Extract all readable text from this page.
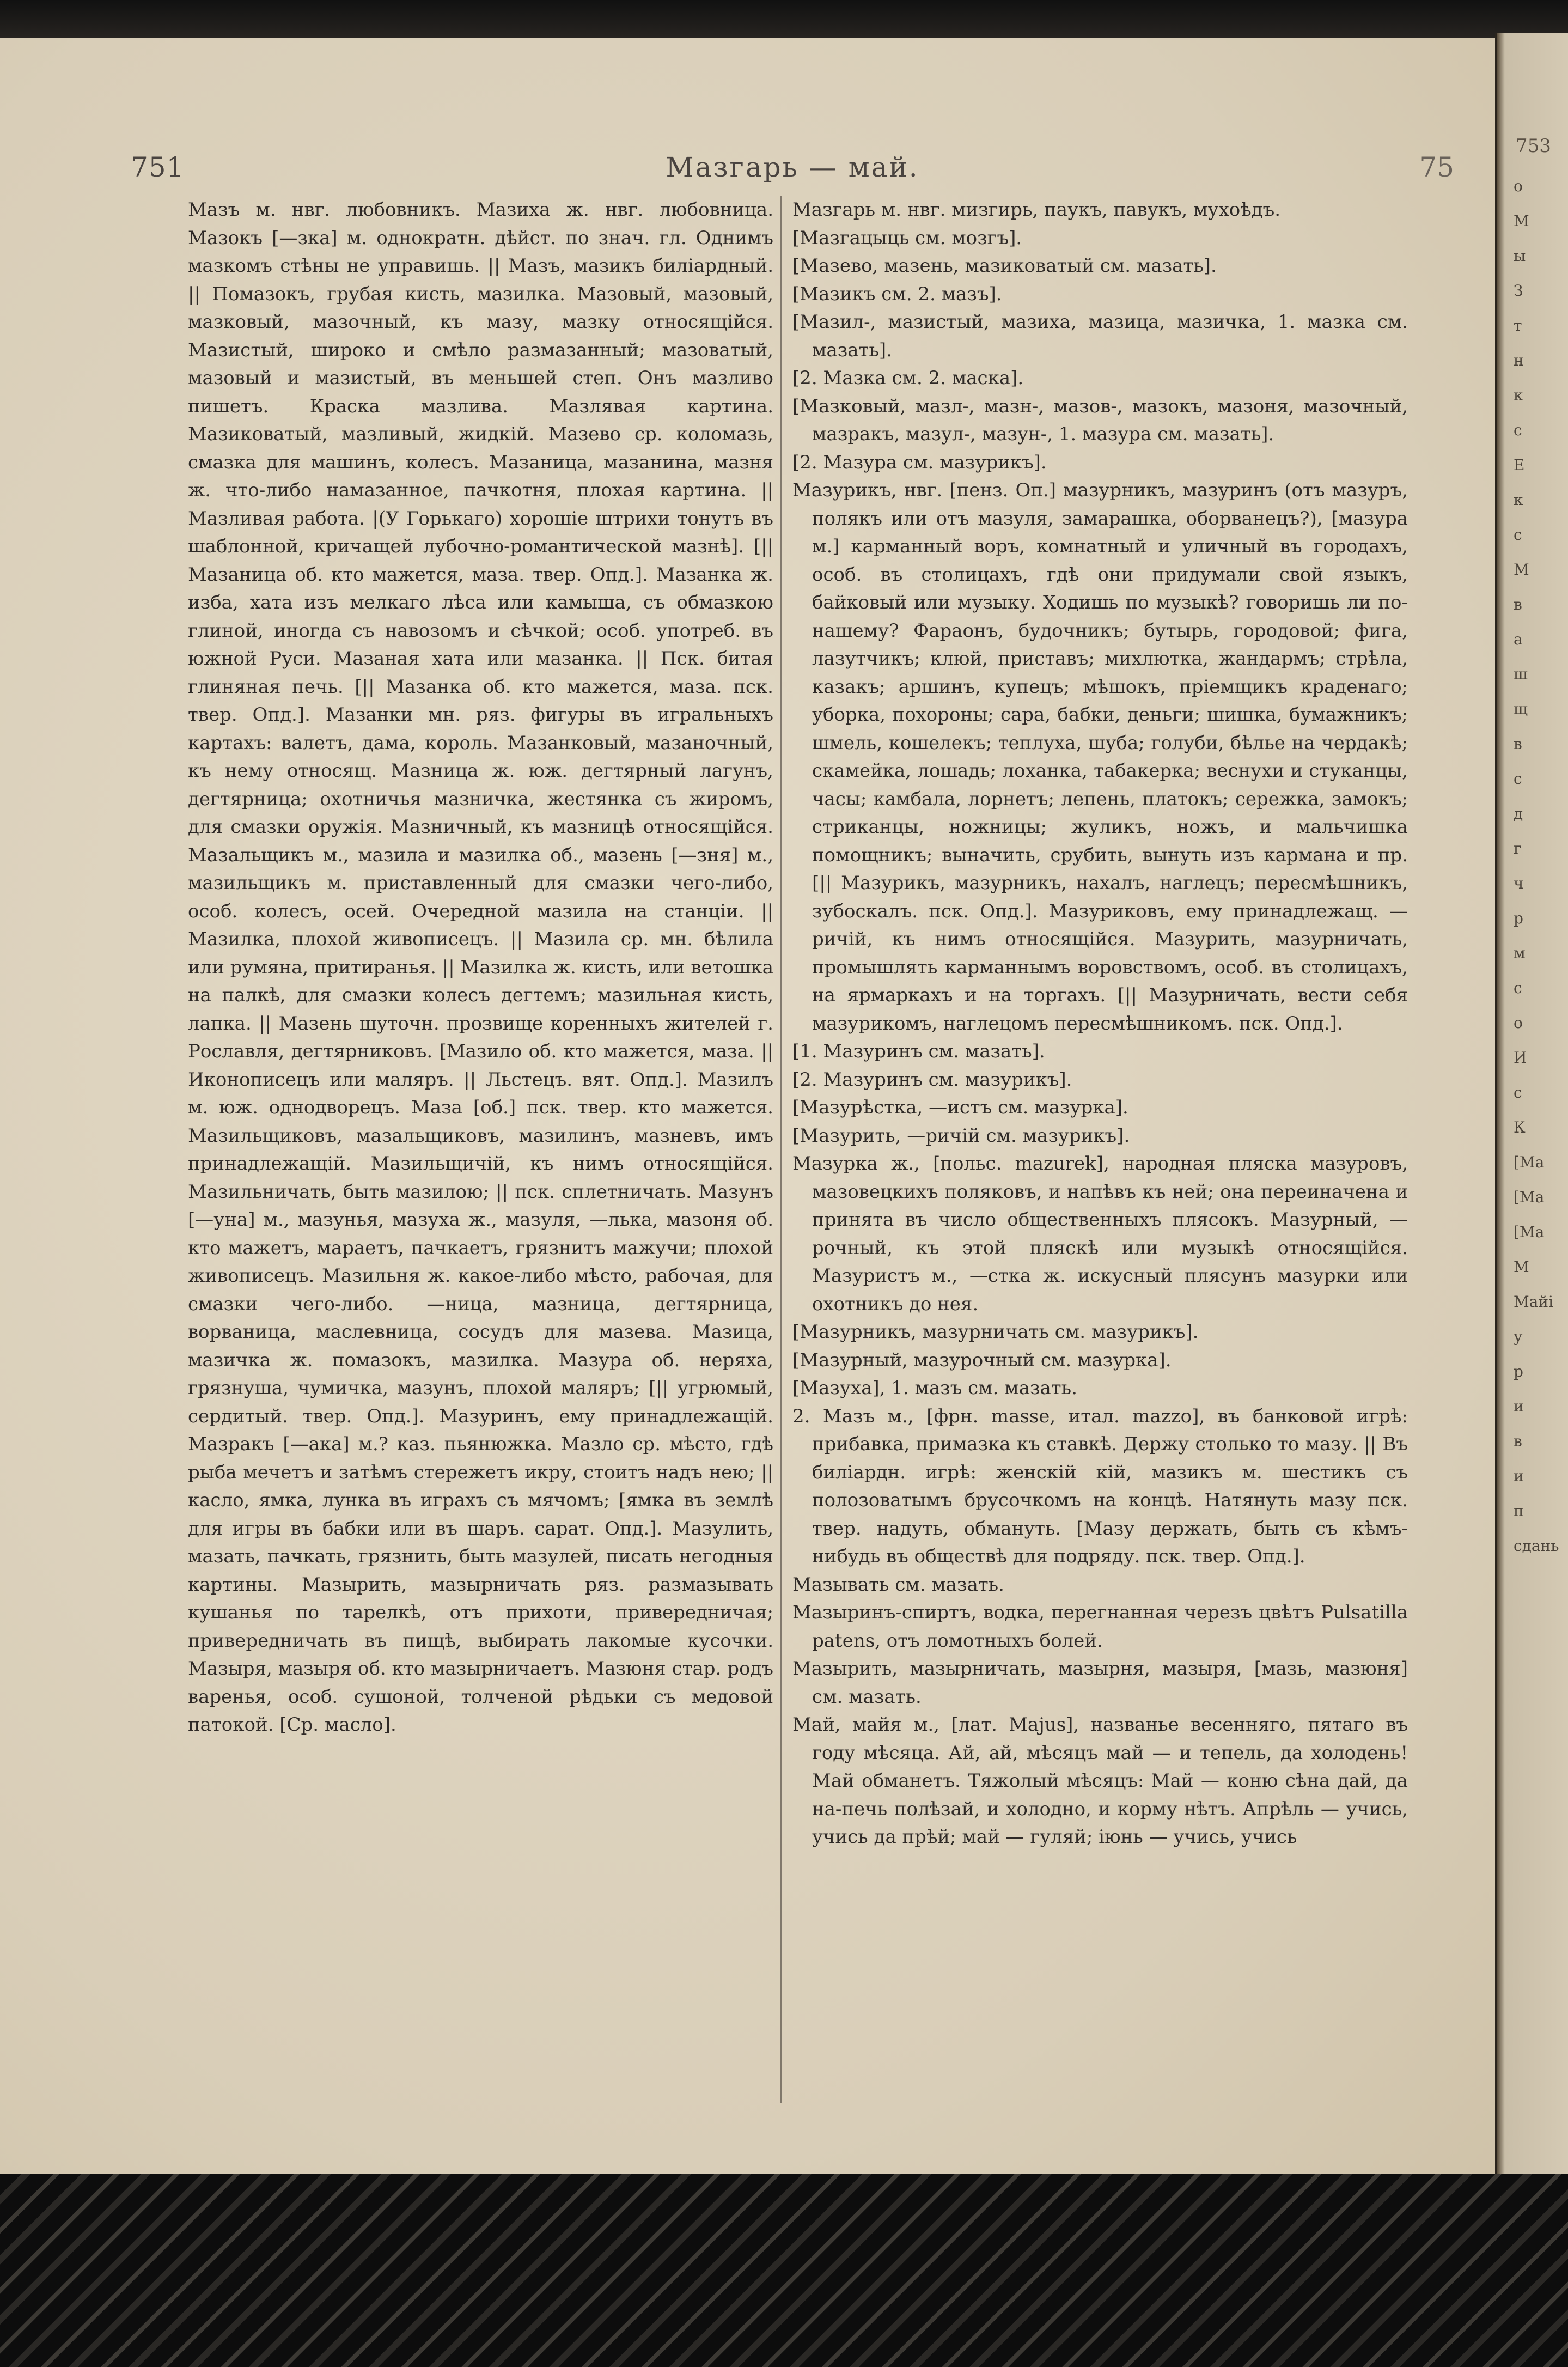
753
о
М
ы
З
т
н
к
с
Е
к
с
М
в
а
ш
щ
в
с
д
г
ч
р
м
с
о
И
с
К
[Ма
[Ма
[Ма
М
Майі
у
р
и
в
и
п
сдань
751	Мазгарь — май.	75
Мазъ м. нвг. любовникъ. Мазиха ж. нвг. любовница. Мазокъ [—зка] м. однократн. дѣйст. по знач. гл. Однимъ мазкомъ стѣны не управишь. || Мазъ, мазикъ билiардный. || Помазокъ, грубая кисть, мазилка. Мазовый, мазовый, мазковый, мазочный, къ мазу, мазку относящiйся. Мазистый, широко и смѣло размазанный; мазоватый, мазовый и мазистый, въ меньшей степ. Онъ мазливо пишетъ. Краска мазлива. Мазлявая картина. Мазиковатый, мазливый, жидкiй. Мазево ср. коломазь, смазка для машинъ, колесъ. Мазаница, мазанина, мазня ж. что-либо намазанное, пачкотня, плохая картина. || Мазливая работа. |(У Горькаго) хорошiе штрихи тонутъ въ шаблонной, кричащей лубочно-романтической мазнѣ]. [|| Мазаница об. кто мажется, маза. твер. Опд.]. Мазанка ж. изба, хата изъ мелкаго лѣса или камыша, съ обмазкою глиной, иногда съ навозомъ и сѣчкой; особ. употреб. въ южной Руси. Мазаная хата или мазанка. || Пск. битая глиняная печь. [|| Мазанка об. кто мажется, маза. пск. твер. Опд.]. Мазанки мн. ряз. фигуры въ игральныхъ картахъ: валетъ, дама, король. Мазанковый, мазаночный, къ нему относящ. Мазница ж. юж. дегтярный лагунъ, дегтярница; охотничья мазничка, жестянка съ жиромъ, для смазки оружiя. Мазничный, къ мазницѣ относящiйся. Мазальщикъ м., мазила и мазилка об., мазень [—зня] м., мазильщикъ м. приставленный для смазки чего-либо, особ. колесъ, осей. Очередной мазила на станцiи. || Мазилка, плохой живописецъ. || Мазила ср. мн. бѣлила или румяна, притиранья. || Мазилка ж. кисть, или ветошка на палкѣ, для смазки колесъ дегтемъ; мазильная кисть, лапка. || Мазень шуточн. прозвище коренныхъ жителей г. Рославля, дегтярниковъ. [Мазило об. кто мажется, маза. || Иконописецъ или маляръ. || Льстецъ. вят. Опд.]. Мазилъ м. юж. однодворецъ. Маза [об.] пск. твер. кто мажется. Мазильщиковъ, мазальщиковъ, мазилинъ, мазневъ, имъ принадлежащiй. Мазильщичiй, къ нимъ относящiйся. Мазильничать, быть мазилою; || пск. сплетничать. Мазунъ [—уна] м., мазунья, мазуха ж., мазуля, —лька, мазоня об. кто мажетъ, мараетъ, пачкаетъ, грязнитъ мажучи; плохой живописецъ. Мазильня ж. какое-либо мѣсто, рабочая, для смазки чего-либо. —ница, мазница, дегтярница, ворваница, маслевница, сосудъ для мазева. Мазица, мазичка ж. помазокъ, мазилка. Мазура об. неряха, грязнуша, чумичка, мазунъ, плохой маляръ; [|| угрюмый, сердитый. твер. Опд.]. Мазуринъ, ему принадлежащiй. Мазракъ [—ака] м.? каз. пьянюжка. Мазло ср. мѣсто, гдѣ рыба мечетъ и затѣмъ стережетъ икру, стоитъ надъ нею; || касло, ямка, лунка въ играхъ съ мячомъ; [ямка въ землѣ для игры въ бабки или въ шаръ. сарат. Опд.]. Мазулить, мазать, пачкать, грязнить, быть мазулей, писать негодныя картины. Мазырить, мазырничать ряз. размазывать кушанья по тарелкѣ, отъ прихоти, привередничая; привередничать въ пищѣ, выбирать лакомые кусочки. Мазыря, мазыря об. кто мазырничаетъ. Мазюня стар. родъ варенья, особ. сушоной, толченой рѣдьки съ медовой патокой. [Ср. масло].
Мазгарь м. нвг. мизгирь, паукъ, павукъ, мухоѣдъ.
[Мазгацыць см. мозгъ].
[Мазево, мазень, мазиковатый см. мазать].
[Мазикъ см. 2. мазъ].
[Мазил-, мазистый, мазиха, мазица, мазичка, 1. мазка см. мазать].
[2. Мазка см. 2. маска].
[Мазковый, мазл-, мазн-, мазов-, мазокъ, мазоня, мазочный, мазракъ, мазул-, мазун-, 1. мазура см. мазать].
[2. Мазура см. мазурикъ].
Мазурикъ, нвг. [пенз. Оп.] мазурникъ, мазуринъ (отъ мазуръ, полякъ или отъ мазуля, замарашка, оборванецъ?), [мазура м.] карманный воръ, комнатный и уличный въ городахъ, особ. въ столицахъ, гдѣ они придумали свой языкъ, байковый или музыку. Ходишь по музыкѣ? говоришь ли по-нашему? Фараонъ, будочникъ; бутырь, городовой; фига, лазутчикъ; клюй, приставъ; михлютка, жандармъ; стрѣла, казакъ; аршинъ, купецъ; мѣшокъ, прiемщикъ краденаго; уборка, похороны; сара, бабки, деньги; шишка, бумажникъ; шмель, кошелекъ; теплуха, шуба; голуби, бѣлье на чердакѣ; скамейка, лошадь; лоханка, табакерка; веснухи и стуканцы, часы; камбала, лорнетъ; лепень, платокъ; сережка, замокъ; стриканцы, ножницы; жуликъ, ножъ, и мальчишка помощникъ; выначить, срубить, вынуть изъ кармана и пр. [|| Мазурикъ, мазурникъ, нахалъ, наглецъ; пересмѣшникъ, зубоскалъ. пск. Опд.]. Мазуриковъ, ему принадлежащ. —ричiй, къ нимъ относящiйся. Мазурить, мазурничать, промышлять карманнымъ воровствомъ, особ. въ столицахъ, на ярмаркахъ и на торгахъ. [|| Мазурничать, вести себя мазурикомъ, наглецомъ пересмѣшникомъ. пск. Опд.].
[1. Мазуринъ см. мазать].
[2. Мазуринъ см. мазурикъ].
[Мазурѣстка, —истъ см. мазурка].
[Мазурить, —ричiй см. мазурикъ].
Мазурка ж., [польс. mazurek], народная пляска мазуровъ, мазовецкихъ поляковъ, и напѣвъ къ ней; она переиначена и принята въ число общественныхъ плясокъ. Мазурный, —рочный, къ этой пляскѣ или музыкѣ относящiйся. Мазуристъ м., —стка ж. искусный плясунъ мазурки или охотникъ до нея.
[Мазурникъ, мазурничать см. мазурикъ].
[Мазурный, мазурочный см. мазурка].
[Мазуха], 1. мазъ см. мазать.
2. Мазъ м., [фрн. masse, итал. mazzo], въ банковой игрѣ: прибавка, примазка къ ставкѣ. Держу столько то мазу. || Въ билiардн. игрѣ: женскiй кiй, мазикъ м. шестикъ съ полозоватымъ брусочкомъ на концѣ. Натянуть мазу пск. твер. надуть, обмануть. [Мазу держать, быть съ кѣмъ-нибудь въ обществѣ для подряду. пск. твер. Опд.].
Мазывать см. мазать.
Мазыринъ-спиртъ, водка, перегнанная черезъ цвѣтъ Pulsatilla patens, отъ ломотныхъ болей.
Мазырить, мазырничать, мазырня, мазыря, [мазь, мазюня] см. мазать.
Май, майя м., [лат. Majus], названье весенняго, пятаго въ году мѣсяца. Ай, ай, мѣсяцъ май — и тепель, да холодень! Май обманетъ. Тяжолый мѣсяцъ: Май — коню сѣна дай, да на-печь полѣзай, и холодно, и корму нѣтъ. Апрѣль — учись, учись да прѣй; май — гуляй; iюнь — учись, учись
